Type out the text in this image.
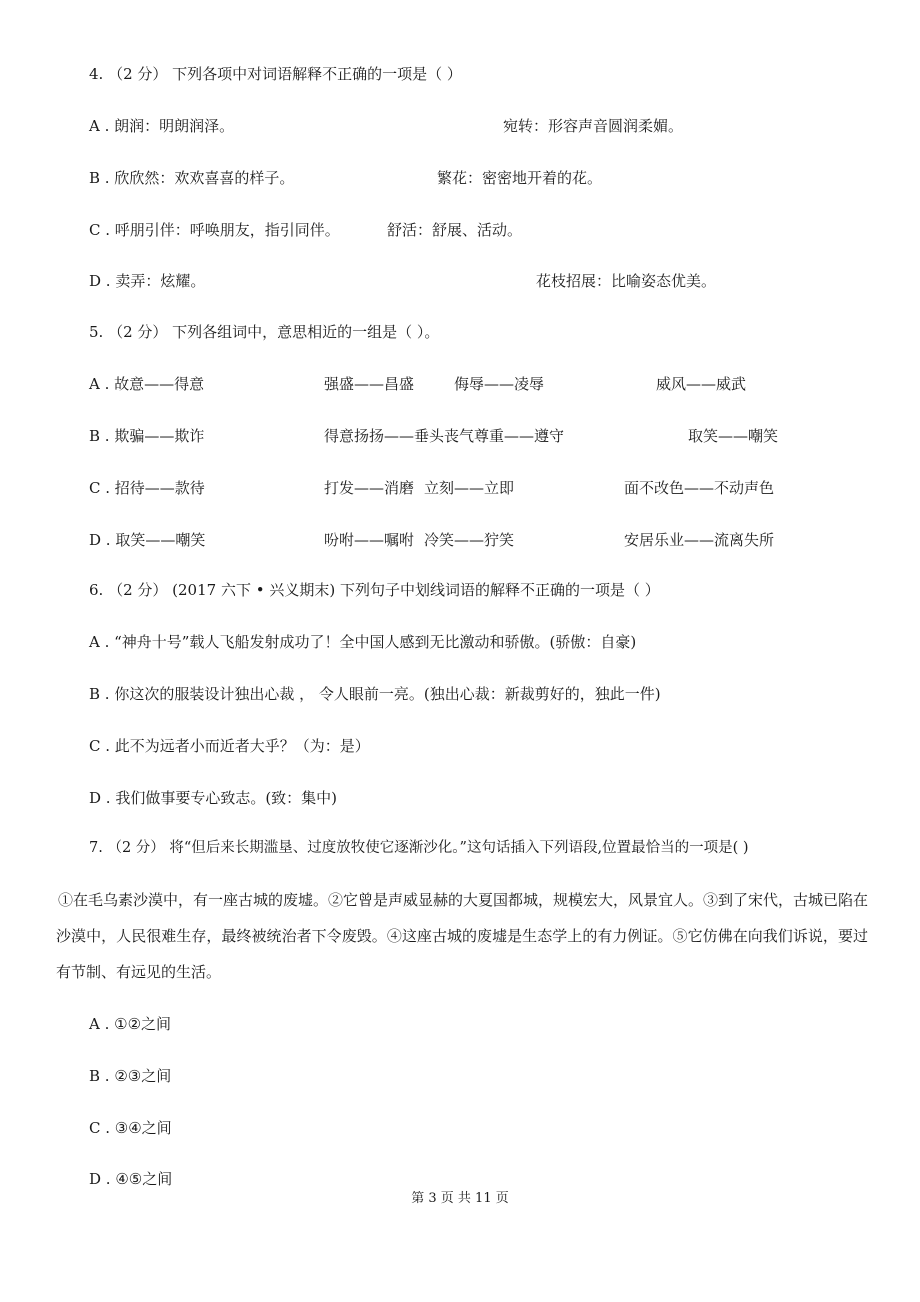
4. （2 分） 下列各项中对词语解释不正确的一项是（ ）
A . 朗润：明朗润泽。	宛转：形容声音圆润柔媚。
B . 欣欣然：欢欢喜喜的样子。	繁花：密密地开着的花。
C . 呼朋引伴：呼唤朋友，指引同伴。	舒活：舒展、活动。
D . 卖弄：炫耀。	花枝招展：比喻姿态优美。
5. （2 分） 下列各组词中，意思相近的一组是（ ）。
A . 故意——得意	强盛——昌盛	侮辱——凌辱	威风——威武
B . 欺骗——欺诈	得意扬扬——垂头丧气 尊重——遵守	取笑——嘲笑
C . 招待——款待	打发——消磨 立刻——立即	面不改色——不动声色
D . 取笑——嘲笑	吩咐——嘱咐 冷笑——狞笑	安居乐业——流离失所
6. （2 分） (2017 六下 • 兴义期末) 下列句子中划线词语的解释不正确的一项是（ ）
A . “神舟十号”载人飞船发射成功了！全中国人感到无比激动和骄傲。(骄傲：自豪)
B . 你这次的服装设计独出心裁 ， 令人眼前一亮。(独出心裁：新裁剪好的，独此一件)
C . 此不为远者小而近者大乎？（为：是）
D . 我们做事要专心致志。(致：集中)
7. （2 分） 将“但后来长期滥垦、过度放牧使它逐渐沙化。”这句话插入下列语段,位置最恰当的一项是( )
①在毛乌素沙漠中，有一座古城的废墟。②它曾是声威显赫的大夏国都城，规模宏大，风景宜人。③到了宋代，古城已陷在沙漠中，人民很难生存，最终被统治者下令废毁。④这座古城的废墟是生态学上的有力例证。⑤它仿佛在向我们诉说，要过有节制、有远见的生活。
A . ①②之间
B . ②③之间
C . ③④之间
D . ④⑤之间
第 3 页 共 11 页
